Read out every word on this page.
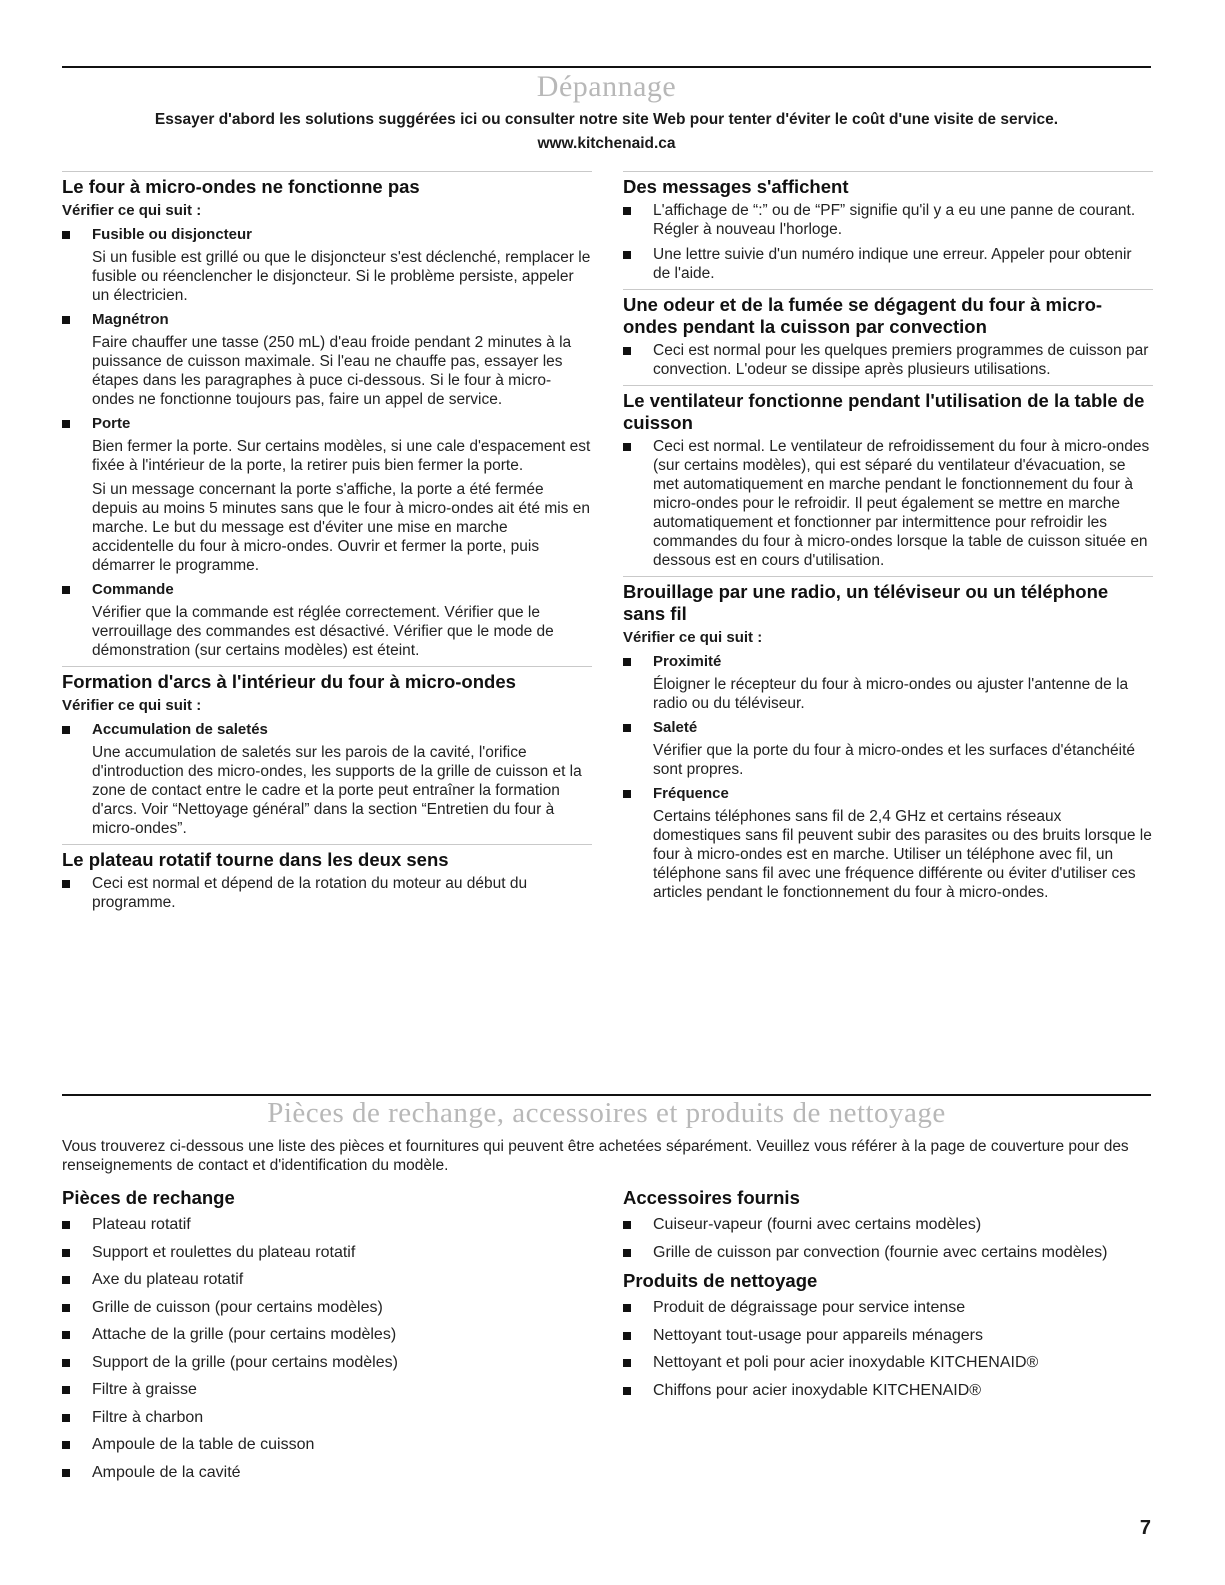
Dépannage
Essayer d'abord les solutions suggérées ici ou consulter notre site Web pour tenter d'éviter le coût d'une visite de service.
www.kitchenaid.ca
Le four à micro-ondes ne fonctionne pas
Vérifier ce qui suit :
Fusible ou disjoncteur
Si un fusible est grillé ou que le disjoncteur s'est déclenché, remplacer le fusible ou réenclencher le disjoncteur. Si le problème persiste, appeler un électricien.
Magnétron
Faire chauffer une tasse (250 mL) d'eau froide pendant 2 minutes à la puissance de cuisson maximale. Si l'eau ne chauffe pas, essayer les étapes dans les paragraphes à puce ci-dessous. Si le four à micro-ondes ne fonctionne toujours pas, faire un appel de service.
Porte
Bien fermer la porte. Sur certains modèles, si une cale d'espacement est fixée à l'intérieur de la porte, la retirer puis bien fermer la porte.
Si un message concernant la porte s'affiche, la porte a été fermée depuis au moins 5 minutes sans que le four à micro-ondes ait été mis en marche. Le but du message est d'éviter une mise en marche accidentelle du four à micro-ondes. Ouvrir et fermer la porte, puis démarrer le programme.
Commande
Vérifier que la commande est réglée correctement. Vérifier que le verrouillage des commandes est désactivé. Vérifier que le mode de démonstration (sur certains modèles) est éteint.
Formation d'arcs à l'intérieur du four à micro-ondes
Vérifier ce qui suit :
Accumulation de saletés
Une accumulation de saletés sur les parois de la cavité, l'orifice d'introduction des micro-ondes, les supports de la grille de cuisson et la zone de contact entre le cadre et la porte peut entraîner la formation d'arcs. Voir “Nettoyage général” dans la section “Entretien du four à micro-ondes”.
Le plateau rotatif tourne dans les deux sens
Ceci est normal et dépend de la rotation du moteur au début du programme.
Des messages s'affichent
L'affichage de “:” ou de “PF” signifie qu'il y a eu une panne de courant. Régler à nouveau l'horloge.
Une lettre suivie d'un numéro indique une erreur. Appeler pour obtenir de l'aide.
Une odeur et de la fumée se dégagent du four à micro-ondes pendant la cuisson par convection
Ceci est normal pour les quelques premiers programmes de cuisson par convection. L'odeur se dissipe après plusieurs utilisations.
Le ventilateur fonctionne pendant l'utilisation de la table de cuisson
Ceci est normal. Le ventilateur de refroidissement du four à micro-ondes (sur certains modèles), qui est séparé du ventilateur d'évacuation, se met automatiquement en marche pendant le fonctionnement du four à micro-ondes pour le refroidir. Il peut également se mettre en marche automatiquement et fonctionner par intermittence pour refroidir les commandes du four à micro-ondes lorsque la table de cuisson située en dessous est en cours d'utilisation.
Brouillage par une radio, un téléviseur ou un téléphone sans fil
Vérifier ce qui suit :
Proximité
Éloigner le récepteur du four à micro-ondes ou ajuster l'antenne de la radio ou du téléviseur.
Saleté
Vérifier que la porte du four à micro-ondes et les surfaces d'étanchéité sont propres.
Fréquence
Certains téléphones sans fil de 2,4 GHz et certains réseaux domestiques sans fil peuvent subir des parasites ou des bruits lorsque le four à micro-ondes est en marche. Utiliser un téléphone avec fil, un téléphone sans fil avec une fréquence différente ou éviter d'utiliser ces articles pendant le fonctionnement du four à micro-ondes.
Pièces de rechange, accessoires et produits de nettoyage
Vous trouverez ci-dessous une liste des pièces et fournitures qui peuvent être achetées séparément. Veuillez vous référer à la page de couverture pour des renseignements de contact et d'identification du modèle.
Pièces de rechange
Plateau rotatif
Support et roulettes du plateau rotatif
Axe du plateau rotatif
Grille de cuisson (pour certains modèles)
Attache de la grille (pour certains modèles)
Support de la grille (pour certains modèles)
Filtre à graisse
Filtre à charbon
Ampoule de la table de cuisson
Ampoule de la cavité
Accessoires fournis
Cuiseur-vapeur (fourni avec certains modèles)
Grille de cuisson par convection (fournie avec certains modèles)
Produits de nettoyage
Produit de dégraissage pour service intense
Nettoyant tout-usage pour appareils ménagers
Nettoyant et poli pour acier inoxydable KITCHENAID®
Chiffons pour acier inoxydable KITCHENAID®
7
